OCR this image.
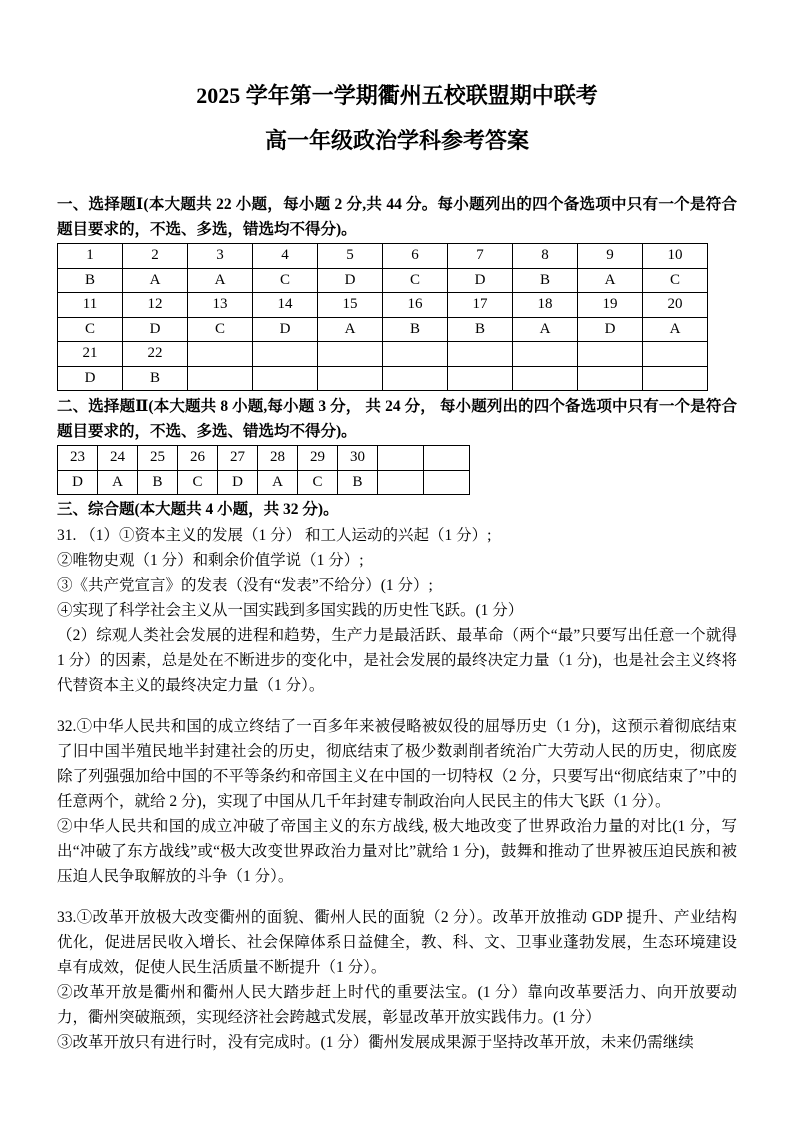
2025 学年第一学期衢州五校联盟期中联考
高一年级政治学科参考答案

一、选择题Ⅰ(本大题共 22 小题，每小题 2 分,共 44 分。每小题列出的四个备选项中只有一个是符合题目要求的，不选、多选，错选均不得分)。

1	2	3	4	5	6	7	8	9	10
B	A	A	C	D	C	D	B	A	C
11	12	13	14	15	16	17	18	19	20
C	D	C	D	A	B	B	A	D	A
21	22								
D	B								

二、选择题Ⅱ(本大题共 8 小题,每小题 3 分， 共 24 分， 每小题列出的四个备选项中只有一个是符合题目要求的，不选、多选、错选均不得分)。

23	24	25	26	27	28	29	30		
D	A	B	C	D	A	C	B		

三、综合题(本大题共 4 小题，共 32 分)。

31. （1）①资本主义的发展（1 分） 和工人运动的兴起（1 分）;

②唯物史观（1 分）和剩余价值学说（1 分）;

③《共产党宣言》的发表（没有“发表”不给分）(1 分）;

④实现了科学社会主义从一国实践到多国实践的历史性飞跃。(1 分）

（2）综观人类社会发展的进程和趋势，生产力是最活跃、最革命（两个“最”只要写出任意一个就得 1 分）的因素，总是处在不断进步的变化中，是社会发展的最终决定力量（1 分)，也是社会主义终将代替资本主义的最终决定力量（1 分）。

32.①中华人民共和国的成立终结了一百多年来被侵略被奴役的屈辱历史（1 分)，这预示着彻底结束了旧中国半殖民地半封建社会的历史，彻底结束了极少数剥削者统治广大劳动人民的历史，彻底废除了列强强加给中国的不平等条约和帝国主义在中国的一切特权（2 分，只要写出“彻底结束了”中的任意两个，就给 2 分)，实现了中国从几千年封建专制政治向人民民主的伟大飞跃（1 分）。

②中华人民共和国的成立冲破了帝国主义的东方战线, 极大地改变了世界政治力量的对比(1 分，写出“冲破了东方战线”或“极大改变世界政治力量对比”就给 1 分)，鼓舞和推动了世界被压迫民族和被压迫人民争取解放的斗争（1 分）。

33.①改革开放极大改变衢州的面貌、衢州人民的面貌（2 分）。改革开放推动 GDP 提升、产业结构优化，促进居民收入增长、社会保障体系日益健全，教、科、文、卫事业蓬勃发展，生态环境建设卓有成效，促使人民生活质量不断提升（1 分）。

②改革开放是衢州和衢州人民大踏步赶上时代的重要法宝。(1 分）靠向改革要活力、向开放要动力，衢州突破瓶颈，实现经济社会跨越式发展，彰显改革开放实践伟力。(1 分）

③改革开放只有进行时，没有完成时。(1 分）衢州发展成果源于坚持改革开放，未来仍需继续
